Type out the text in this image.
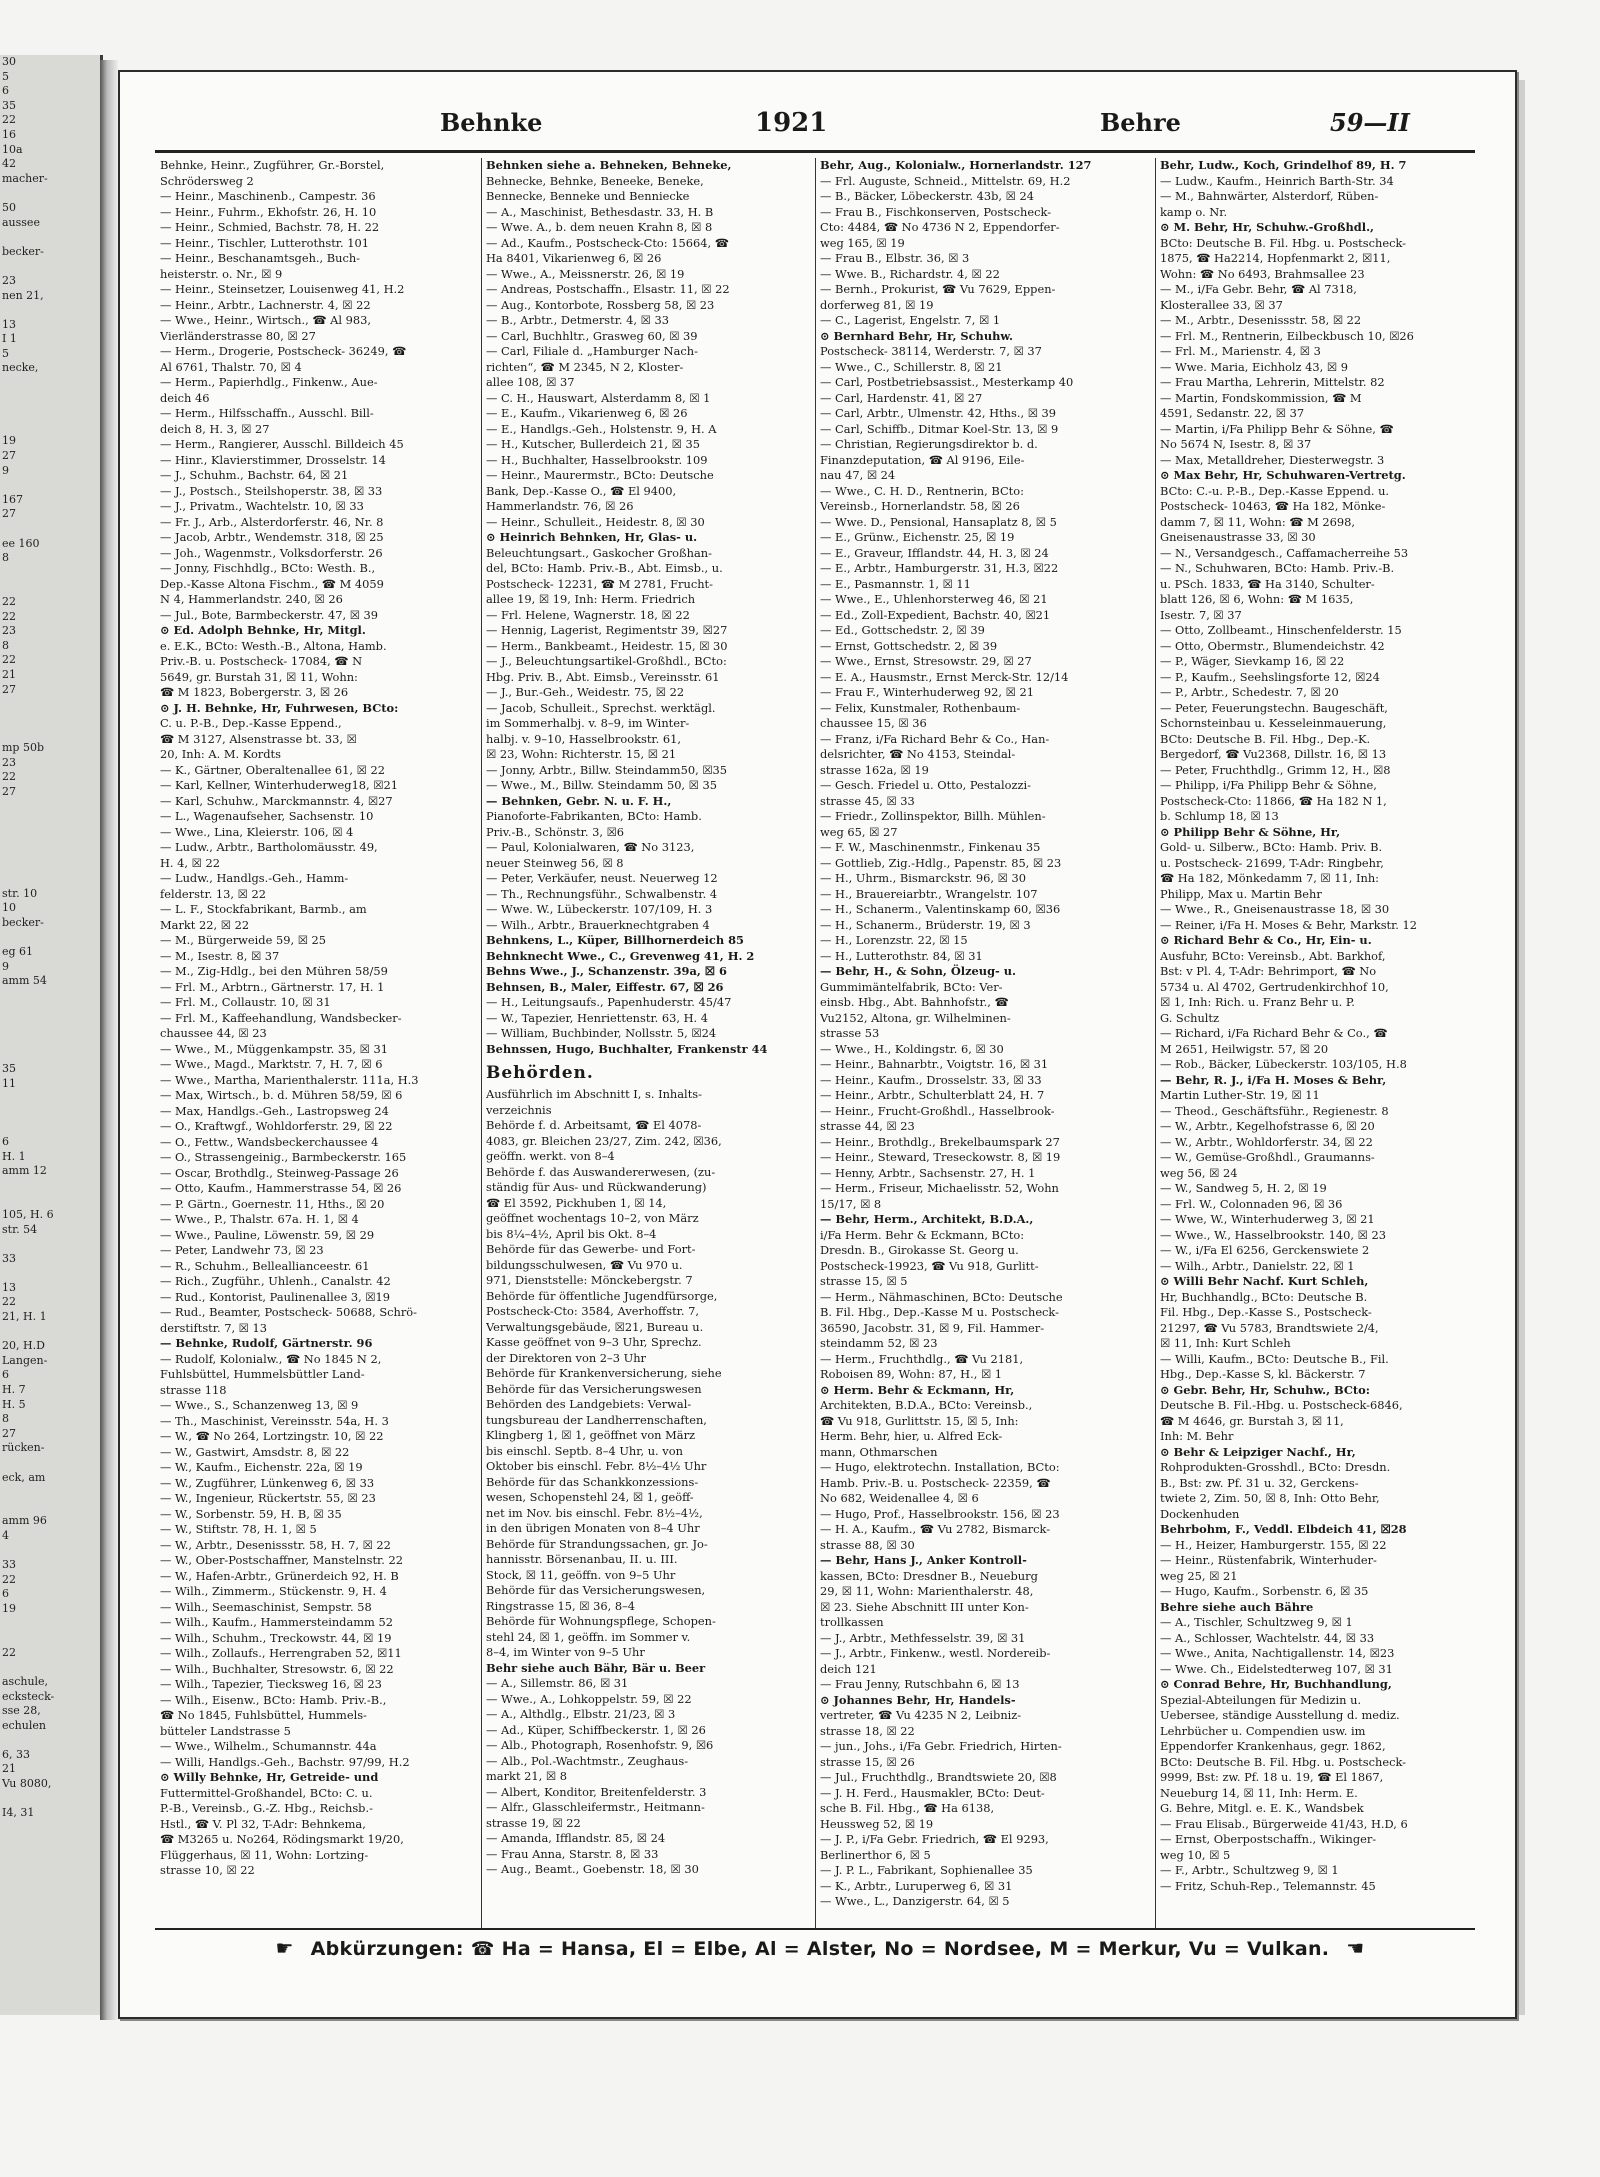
30
5
6
35
22
16
10a
42
macher-

50
aussee

becker-

23
nen 21,

13
I 1
5
necke,

19
27
9

167
27

ee 160
8

22
22
23
8
22
21
27

mp 50b
23
22
27

str. 10
10
becker-

eg 61
9
amm 54

35
11

6
H. 1
amm 12

105, H. 6
str. 54

33

13
22
21, H. 1

20, H.D
Langen-
6
H. 7
H. 5
8
27
rücken-

eck, am

amm 96
4

33
22
6
19

22

aschule,
ecksteck-
sse 28,
echulen

6, 33
21
Vu 8080,

I4, 31
Behnke	1921	Behre	59—II
Behnke, Heinr., Zugführer, Gr.-Borstel,
Schrödersweg 2
— Heinr., Maschinenb., Campestr. 36
— Heinr., Fuhrm., Ekhofstr. 26, H. 10
— Heinr., Schmied, Bachstr. 78, H. 22
— Heinr., Tischler, Lutterothstr. 101
— Heinr., Beschanamtsgeh., Buch-
heisterstr. o. Nr., ☒ 9
— Heinr., Steinsetzer, Louisenweg 41, H.2
— Heinr., Arbtr., Lachnerstr. 4, ☒ 22
— Wwe., Heinr., Wirtsch., ☎ Al 983,
Vierländerstrasse 80, ☒ 27
— Herm., Drogerie, Postscheck- 36249, ☎
Al 6761, Thalstr. 70, ☒ 4
— Herm., Papierhdlg., Finkenw., Aue-
deich 46
— Herm., Hilfsschaffn., Ausschl. Bill-
deich 8, H. 3, ☒ 27
— Herm., Rangierer, Ausschl. Billdeich 45
— Hinr., Klavierstimmer, Drosselstr. 14
— J., Schuhm., Bachstr. 64, ☒ 21
— J., Postsch., Steilshoperstr. 38, ☒ 33
— J., Privatm., Wachtelstr. 10, ☒ 33
— Fr. J., Arb., Alsterdorferstr. 46, Nr. 8
— Jacob, Arbtr., Wendemstr. 318, ☒ 25
— Joh., Wagenmstr., Volksdorferstr. 26
— Jonny, Fischhdlg., BCto: Westh. B.,
Dep.-Kasse Altona Fischm., ☎ M 4059
N 4, Hammerlandstr. 240, ☒ 26
— Jul., Bote, Barmbeckerstr. 47, ☒ 39
⊙ Ed. Adolph Behnke, Hr, Mitgl.
e. E.K., BCto: Westh.-B., Altona, Hamb.
Priv.-B. u. Postscheck- 17084, ☎ N
5649, gr. Burstah 31, ☒ 11, Wohn:
☎ M 1823, Bobergerstr. 3, ☒ 26
⊙ J. H. Behnke, Hr, Fuhrwesen, BCto:
C. u. P.-B., Dep.-Kasse Eppend.,
☎ M 3127, Alsenstrasse bt. 33, ☒
20, Inh: A. M. Kordts
— K., Gärtner, Oberaltenallee 61, ☒ 22
— Karl, Kellner, Winterhuderweg18, ☒21
— Karl, Schuhw., Marckmannstr. 4, ☒27
— L., Wagenaufseher, Sachsenstr. 10
— Wwe., Lina, Kleierstr. 106, ☒ 4
— Ludw., Arbtr., Bartholomäusstr. 49,
H. 4, ☒ 22
— Ludw., Handlgs.-Geh., Hamm-
felderstr. 13, ☒ 22
— L. F., Stockfabrikant, Barmb., am
Markt 22, ☒ 22
— M., Bürgerweide 59, ☒ 25
— M., Isestr. 8, ☒ 37
— M., Zig-Hdlg., bei den Mühren 58/59
— Frl. M., Arbtrn., Gärtnerstr. 17, H. 1
— Frl. M., Collaustr. 10, ☒ 31
— Frl. M., Kaffeehandlung, Wandsbecker-
chaussee 44, ☒ 23
— Wwe., M., Müggenkampstr. 35, ☒ 31
— Wwe., Magd., Marktstr. 7, H. 7, ☒ 6
— Wwe., Martha, Marienthalerstr. 111a, H.3
— Max, Wirtsch., b. d. Mühren 58/59, ☒ 6
— Max, Handlgs.-Geh., Lastropsweg 24
— O., Kraftwgf., Wohldorferstr. 29, ☒ 22
— O., Fettw., Wandsbeckerchaussee 4
— O., Strassengeinig., Barmbeckerstr. 165
— Oscar, Brothdlg., Steinweg-Passage 26
— Otto, Kaufm., Hammerstrasse 54, ☒ 26
— P. Gärtn., Goernestr. 11, Hths., ☒ 20
— Wwe., P., Thalstr. 67a. H. 1, ☒ 4
— Wwe., Pauline, Löwenstr. 59, ☒ 29
— Peter, Landwehr 73, ☒ 23
— R., Schuhm., Belleallianceestr. 61
— Rich., Zugführ., Uhlenh., Canalstr. 42
— Rud., Kontorist, Paulinenallee 3, ☒19
— Rud., Beamter, Postscheck- 50688, Schrö-
derstiftstr. 7, ☒ 13
— Behnke, Rudolf, Gärtnerstr. 96
— Rudolf, Kolonialw., ☎ No 1845 N 2,
Fuhlsbüttel, Hummelsbüttler Land-
strasse 118
— Wwe., S., Schanzenweg 13, ☒ 9
— Th., Maschinist, Vereinsstr. 54a, H. 3
— W., ☎ No 264, Lortzingstr. 10, ☒ 22
— W., Gastwirt, Amsdstr. 8, ☒ 22
— W., Kaufm., Eichenstr. 22a, ☒ 19
— W., Zugführer, Lünkenweg 6, ☒ 33
— W., Ingenieur, Rückertstr. 55, ☒ 23
— W., Sorbenstr. 59, H. B, ☒ 35
— W., Stiftstr. 78, H. 1, ☒ 5
— W., Arbtr., Desenissstr. 58, H. 7, ☒ 22
— W., Ober-Postschaffner, Manstelnstr. 22
— W., Hafen-Arbtr., Grünerdeich 92, H. B
— Wilh., Zimmerm., Stückenstr. 9, H. 4
— Wilh., Seemaschinist, Sempstr. 58
— Wilh., Kaufm., Hammersteindamm 52
— Wilh., Schuhm., Treckowstr. 44, ☒ 19
— Wilh., Zollaufs., Herrengraben 52, ☒11
— Wilh., Buchhalter, Stresowstr. 6, ☒ 22
— Wilh., Tapezier, Tiecksweg 16, ☒ 23
— Wilh., Eisenw., BCto: Hamb. Priv.-B.,
☎ No 1845, Fuhlsbüttel, Hummels-
bütteler Landstrasse 5
— Wwe., Wilhelm., Schumannstr. 44a
— Willi, Handlgs.-Geh., Bachstr. 97/99, H.2
⊙ Willy Behnke, Hr, Getreide- und
Futtermittel-Großhandel, BCto: C. u.
P.-B., Vereinsb., G.-Z. Hbg., Reichsb.-
Hstl., ☎ V. Pl 32, T-Adr: Behnkema,
☎ M3265 u. No264, Rödingsmarkt 19/20,
Flüggerhaus, ☒ 11, Wohn: Lortzing-
strasse 10, ☒ 22
Behnken siehe a. Behneken, Behneke,
Behnecke, Behnke, Beneeke, Beneke,
Bennecke, Benneke und Benniecke
— A., Maschinist, Bethesdastr. 33, H. B
— Wwe. A., b. dem neuen Krahn 8, ☒ 8
— Ad., Kaufm., Postscheck-Cto: 15664, ☎
Ha 8401, Vikarienweg 6, ☒ 26
— Wwe., A., Meissnerstr. 26, ☒ 19
— Andreas, Postschaffn., Elsastr. 11, ☒ 22
— Aug., Kontorbote, Rossberg 58, ☒ 23
— B., Arbtr., Detmerstr. 4, ☒ 33
— Carl, Buchhltr., Grasweg 60, ☒ 39
— Carl, Filiale d. „Hamburger Nach-
richten“, ☎ M 2345, N 2, Kloster-
allee 108, ☒ 37
— C. H., Hauswart, Alsterdamm 8, ☒ 1
— E., Kaufm., Vikarienweg 6, ☒ 26
— E., Handlgs.-Geh., Holstenstr. 9, H. A
— H., Kutscher, Bullerdeich 21, ☒ 35
— H., Buchhalter, Hasselbrookstr. 109
— Heinr., Maurermstr., BCto: Deutsche
Bank, Dep.-Kasse O., ☎ El 9400,
Hammerlandstr. 76, ☒ 26
— Heinr., Schulleit., Heidestr. 8, ☒ 30
⊙ Heinrich Behnken, Hr, Glas- u.
Beleuchtungsart., Gaskocher Großhan-
del, BCto: Hamb. Priv.-B., Abt. Eimsb., u.
Postscheck- 12231, ☎ M 2781, Frucht-
allee 19, ☒ 19, Inh: Herm. Friedrich
— Frl. Helene, Wagnerstr. 18, ☒ 22
— Hennig, Lagerist, Regimentstr 39, ☒27
— Herm., Bankbeamt., Heidestr. 15, ☒ 30
— J., Beleuchtungsartikel-Großhdl., BCto:
Hbg. Priv. B., Abt. Eimsb., Vereinsstr. 61
— J., Bur.-Geh., Weidestr. 75, ☒ 22
— Jacob, Schulleit., Sprechst. werktägl.
im Sommerhalbj. v. 8–9, im Winter-
halbj. v. 9–10, Hasselbrookstr. 61,
☒ 23, Wohn: Richterstr. 15, ☒ 21
— Jonny, Arbtr., Billw. Steindamm50, ☒35
— Wwe., M., Billw. Steindamm 50, ☒ 35
— Behnken, Gebr. N. u. F. H.,
Pianoforte-Fabrikanten, BCto: Hamb.
Priv.-B., Schönstr. 3, ☒6
— Paul, Kolonialwaren, ☎ No 3123,
neuer Steinweg 56, ☒ 8
— Peter, Verkäufer, neust. Neuerweg 12
— Th., Rechnungsführ., Schwalbenstr. 4
— Wwe. W., Lübeckerstr. 107/109, H. 3
— Wilh., Arbtr., Brauerknechtgraben 4
Behnkens, L., Küper, Billhornerdeich 85
Behnknecht Wwe., C., Grevenweg 41, H. 2
Behns Wwe., J., Schanzenstr. 39a, ☒ 6
Behnsen, B., Maler, Eiffestr. 67, ☒ 26
— H., Leitungsaufs., Papenhuderstr. 45/47
— W., Tapezier, Henriettenstr. 63, H. 4
— William, Buchbinder, Nollsstr. 5, ☒24
Behnssen, Hugo, Buchhalter, Frankenstr 44
Behörden.
Ausführlich im Abschnitt I, s. Inhalts-
verzeichnis
Behörde f. d. Arbeitsamt, ☎ El 4078-
4083, gr. Bleichen 23/27, Zim. 242, ☒36,
geöffn. werkt. von 8–4
Behörde f. das Auswandererwesen, (zu-
ständig für Aus- und Rückwanderung)
☎ El 3592, Pickhuben 1, ☒ 14,
geöffnet wochentags 10–2, von März
bis 8¼–4½, April bis Okt. 8–4
Behörde für das Gewerbe- und Fort-
bildungsschulwesen, ☎ Vu 970 u.
971, Dienststelle: Mönckebergstr. 7
Behörde für öffentliche Jugendfürsorge,
Postscheck-Cto: 3584, Averhoffstr. 7,
Verwaltungsgebäude, ☒21, Bureau u.
Kasse geöffnet von 9–3 Uhr, Sprechz.
der Direktoren von 2–3 Uhr
Behörde für Krankenversicherung, siehe
Behörde für das Versicherungswesen
Behörden des Landgebiets: Verwal-
tungsbureau der Landherrenschaften,
Klingberg 1, ☒ 1, geöffnet von März
bis einschl. Septb. 8–4 Uhr, u. von
Oktober bis einschl. Febr. 8½–4½ Uhr
Behörde für das Schankkonzessions-
wesen, Schopenstehl 24, ☒ 1, geöff-
net im Nov. bis einschl. Febr. 8½–4½,
in den übrigen Monaten von 8–4 Uhr
Behörde für Strandungssachen, gr. Jo-
hannisstr. Börsenanbau, II. u. III.
Stock, ☒ 11, geöffn. von 9–5 Uhr
Behörde für das Versicherungswesen,
Ringstrasse 15, ☒ 36, 8–4
Behörde für Wohnungspflege, Schopen-
stehl 24, ☒ 1, geöffn. im Sommer v.
8–4, im Winter von 9–5 Uhr
Behr siehe auch Bähr, Bär u. Beer
— A., Sillemstr. 86, ☒ 31
— Wwe., A., Lohkoppelstr. 59, ☒ 22
— A., Althdlg., Elbstr. 21/23, ☒ 3
— Ad., Küper, Schiffbeckerstr. 1, ☒ 26
— Alb., Photograph, Rosenhofstr. 9, ☒6
— Alb., Pol.-Wachtmstr., Zeughaus-
markt 21, ☒ 8
— Albert, Konditor, Breitenfelderstr. 3
— Alfr., Glasschleifermstr., Heitmann-
strasse 19, ☒ 22
— Amanda, Ifflandstr. 85, ☒ 24
— Frau Anna, Starstr. 8, ☒ 33
— Aug., Beamt., Goebenstr. 18, ☒ 30
Behr, Aug., Kolonialw., Hornerlandstr. 127
— Frl. Auguste, Schneid., Mittelstr. 69, H.2
— B., Bäcker, Löbeckerstr. 43b, ☒ 24
— Frau B., Fischkonserven, Postscheck-
Cto: 4484, ☎ No 4736 N 2, Eppendorfer-
weg 165, ☒ 19
— Frau B., Elbstr. 36, ☒ 3
— Wwe. B., Richardstr. 4, ☒ 22
— Bernh., Prokurist, ☎ Vu 7629, Eppen-
dorferweg 81, ☒ 19
— C., Lagerist, Engelstr. 7, ☒ 1
⊙ Bernhard Behr, Hr, Schuhw.
Postscheck- 38114, Werderstr. 7, ☒ 37
— Wwe., C., Schillerstr. 8, ☒ 21
— Carl, Postbetriebsassist., Mesterkamp 40
— Carl, Hardenstr. 41, ☒ 27
— Carl, Arbtr., Ulmenstr. 42, Hths., ☒ 39
— Carl, Schiffb., Ditmar Koel-Str. 13, ☒ 9
— Christian, Regierungsdirektor b. d.
Finanzdeputation, ☎ Al 9196, Eile-
nau 47, ☒ 24
— Wwe., C. H. D., Rentnerin, BCto:
Vereinsb., Hornerlandstr. 58, ☒ 26
— Wwe. D., Pensional, Hansaplatz 8, ☒ 5
— E., Grünw., Eichenstr. 25, ☒ 19
— E., Graveur, Ifflandstr. 44, H. 3, ☒ 24
— E., Arbtr., Hamburgerstr. 31, H.3, ☒22
— E., Pasmannstr. 1, ☒ 11
— Wwe., E., Uhlenhorsterweg 46, ☒ 21
— Ed., Zoll-Expedient, Bachstr. 40, ☒21
— Ed., Gottschedstr. 2, ☒ 39
— Ernst, Gottschedstr. 2, ☒ 39
— Wwe., Ernst, Stresowstr. 29, ☒ 27
— E. A., Hausmstr., Ernst Merck-Str. 12/14
— Frau F., Winterhuderweg 92, ☒ 21
— Felix, Kunstmaler, Rothenbaum-
chaussee 15, ☒ 36
— Franz, i/Fa Richard Behr & Co., Han-
delsrichter, ☎ No 4153, Steindal-
strasse 162a, ☒ 19
— Gesch. Friedel u. Otto, Pestalozzi-
strasse 45, ☒ 33
— Friedr., Zollinspektor, Billh. Mühlen-
weg 65, ☒ 27
— F. W., Maschinenmstr., Finkenau 35
— Gottlieb, Zig.-Hdlg., Papenstr. 85, ☒ 23
— H., Uhrm., Bismarckstr. 96, ☒ 30
— H., Brauereiarbtr., Wrangelstr. 107
— H., Schanerm., Valentinskamp 60, ☒36
— H., Schanerm., Brüderstr. 19, ☒ 3
— H., Lorenzstr. 22, ☒ 15
— H., Lutterothstr. 84, ☒ 31
— Behr, H., & Sohn, Ölzeug- u.
Gummimäntelfabrik, BCto: Ver-
einsb. Hbg., Abt. Bahnhofstr., ☎
Vu2152, Altona, gr. Wilhelminen-
strasse 53
— Wwe., H., Koldingstr. 6, ☒ 30
— Heinr., Bahnarbtr., Voigtstr. 16, ☒ 31
— Heinr., Kaufm., Drosselstr. 33, ☒ 33
— Heinr., Arbtr., Schulterblatt 24, H. 7
— Heinr., Frucht-Großhdl., Hasselbrook-
strasse 44, ☒ 23
— Heinr., Brothdlg., Brekelbaumspark 27
— Heinr., Steward, Treseckowstr. 8, ☒ 19
— Henny, Arbtr., Sachsenstr. 27, H. 1
— Herm., Friseur, Michaelisstr. 52, Wohn
15/17, ☒ 8
— Behr, Herm., Architekt, B.D.A.,
i/Fa Herm. Behr & Eckmann, BCto:
Dresdn. B., Girokasse St. Georg u.
Postscheck-19923, ☎ Vu 918, Gurlitt-
strasse 15, ☒ 5
— Herm., Nähmaschinen, BCto: Deutsche
B. Fil. Hbg., Dep.-Kasse M u. Postscheck-
36590, Jacobstr. 31, ☒ 9, Fil. Hammer-
steindamm 52, ☒ 23
— Herm., Fruchthdlg., ☎ Vu 2181,
Roboisen 89, Wohn: 87, H., ☒ 1
⊙ Herm. Behr & Eckmann, Hr,
Architekten, B.D.A., BCto: Vereinsb.,
☎ Vu 918, Gurlittstr. 15, ☒ 5, Inh:
Herm. Behr, hier, u. Alfred Eck-
mann, Othmarschen
— Hugo, elektrotechn. Installation, BCto:
Hamb. Priv.-B. u. Postscheck- 22359, ☎
No 682, Weidenallee 4, ☒ 6
— Hugo, Prof., Hasselbrookstr. 156, ☒ 23
— H. A., Kaufm., ☎ Vu 2782, Bismarck-
strasse 88, ☒ 30
— Behr, Hans J., Anker Kontroll-
kassen, BCto: Dresdner B., Neueburg
29, ☒ 11, Wohn: Marienthalerstr. 48,
☒ 23. Siehe Abschnitt III unter Kon-
trollkassen
— J., Arbtr., Methfesselstr. 39, ☒ 31
— J., Arbtr., Finkenw., westl. Nordereib-
deich 121
— Frau Jenny, Rutschbahn 6, ☒ 13
⊙ Johannes Behr, Hr, Handels-
vertreter, ☎ Vu 4235 N 2, Leibniz-
strasse 18, ☒ 22
— jun., Johs., i/Fa Gebr. Friedrich, Hirten-
strasse 15, ☒ 26
— Jul., Fruchthdlg., Brandtswiete 20, ☒8
— J. H. Ferd., Hausmakler, BCto: Deut-
sche B. Fil. Hbg., ☎ Ha 6138,
Heussweg 52, ☒ 19
— J. P., i/Fa Gebr. Friedrich, ☎ El 9293,
Berlinerthor 6, ☒ 5
— J. P. L., Fabrikant, Sophienallee 35
— K., Arbtr., Luruperweg 6, ☒ 31
— Wwe., L., Danzigerstr. 64, ☒ 5
Behr, Ludw., Koch, Grindelhof 89, H. 7
— Ludw., Kaufm., Heinrich Barth-Str. 34
— M., Bahnwärter, Alsterdorf, Rüben-
kamp o. Nr.
⊙ M. Behr, Hr, Schuhw.-Großhdl.,
BCto: Deutsche B. Fil. Hbg. u. Postscheck-
1875, ☎ Ha2214, Hopfenmarkt 2, ☒11,
Wohn: ☎ No 6493, Brahmsallee 23
— M., i/Fa Gebr. Behr, ☎ Al 7318,
Klosterallee 33, ☒ 37
— M., Arbtr., Desenissstr. 58, ☒ 22
— Frl. M., Rentnerin, Eilbeckbusch 10, ☒26
— Frl. M., Marienstr. 4, ☒ 3
— Wwe. Maria, Eichholz 43, ☒ 9
— Frau Martha, Lehrerin, Mittelstr. 82
— Martin, Fondskommission, ☎ M
4591, Sedanstr. 22, ☒ 37
— Martin, i/Fa Philipp Behr & Söhne, ☎
No 5674 N, Isestr. 8, ☒ 37
— Max, Metalldreher, Diesterwegstr. 3
⊙ Max Behr, Hr, Schuhwaren-Vertretg.
BCto: C.-u. P.-B., Dep.-Kasse Eppend. u.
Postscheck- 10463, ☎ Ha 182, Mönke-
damm 7, ☒ 11, Wohn: ☎ M 2698,
Gneisenaustrasse 33, ☒ 30
— N., Versandgesch., Caffamacherreihe 53
— N., Schuhwaren, BCto: Hamb. Priv.-B.
u. PSch. 1833, ☎ Ha 3140, Schulter-
blatt 126, ☒ 6, Wohn: ☎ M 1635,
Isestr. 7, ☒ 37
— Otto, Zollbeamt., Hinschenfelderstr. 15
— Otto, Obermstr., Blumendeichstr. 42
— P., Wäger, Sievkamp 16, ☒ 22
— P., Kaufm., Seehslingsforte 12, ☒24
— P., Arbtr., Schedestr. 7, ☒ 20
— Peter, Feuerungstechn. Baugeschäft,
Schornsteinbau u. Kesseleinmauerung,
BCto: Deutsche B. Fil. Hbg., Dep.-K.
Bergedorf, ☎ Vu2368, Dillstr. 16, ☒ 13
— Peter, Fruchthdlg., Grimm 12, H., ☒8
— Philipp, i/Fa Philipp Behr & Söhne,
Postscheck-Cto: 11866, ☎ Ha 182 N 1,
b. Schlump 18, ☒ 13
⊙ Philipp Behr & Söhne, Hr,
Gold- u. Silberw., BCto: Hamb. Priv. B.
u. Postscheck- 21699, T-Adr: Ringbehr,
☎ Ha 182, Mönkedamm 7, ☒ 11, Inh:
Philipp, Max u. Martin Behr
— Wwe., R., Gneisenaustrasse 18, ☒ 30
— Reiner, i/Fa H. Moses & Behr, Markstr. 12
⊙ Richard Behr & Co., Hr, Ein- u.
Ausfuhr, BCto: Vereinsb., Abt. Barkhof,
Bst: v Pl. 4, T-Adr: Behrimport, ☎ No
5734 u. Al 4702, Gertrudenkirchhof 10,
☒ 1, Inh: Rich. u. Franz Behr u. P.
G. Schultz
— Richard, i/Fa Richard Behr & Co., ☎
M 2651, Heilwigstr. 57, ☒ 20
— Rob., Bäcker, Lübeckerstr. 103/105, H.8
— Behr, R. J., i/Fa H. Moses & Behr,
Martin Luther-Str. 19, ☒ 11
— Theod., Geschäftsführ., Regienestr. 8
— W., Arbtr., Kegelhofstrasse 6, ☒ 20
— W., Arbtr., Wohldorferstr. 34, ☒ 22
— W., Gemüse-Großhdl., Graumanns-
weg 56, ☒ 24
— W., Sandweg 5, H. 2, ☒ 19
— Frl. W., Colonnaden 96, ☒ 36
— Wwe, W., Winterhuderweg 3, ☒ 21
— Wwe., W., Hasselbrookstr. 140, ☒ 23
— W., i/Fa El 6256, Gerckenswiete 2
— Wilh., Arbtr., Danielstr. 22, ☒ 1
⊙ Willi Behr Nachf. Kurt Schleh,
Hr, Buchhandlg., BCto: Deutsche B.
Fil. Hbg., Dep.-Kasse S., Postscheck-
21297, ☎ Vu 5783, Brandtswiete 2/4,
☒ 11, Inh: Kurt Schleh
— Willi, Kaufm., BCto: Deutsche B., Fil.
Hbg., Dep.-Kasse S, kl. Bäckerstr. 7
⊙ Gebr. Behr, Hr, Schuhw., BCto:
Deutsche B. Fil.-Hbg. u. Postscheck-6846,
☎ M 4646, gr. Burstah 3, ☒ 11,
Inh: M. Behr
⊙ Behr & Leipziger Nachf., Hr,
Rohprodukten-Grosshdl., BCto: Dresdn.
B., Bst: zw. Pf. 31 u. 32, Gerckens-
twiete 2, Zim. 50, ☒ 8, Inh: Otto Behr,
Dockenhuden
Behrbohm, F., Veddl. Elbdeich 41, ☒28
— H., Heizer, Hamburgerstr. 155, ☒ 22
— Heinr., Rüstenfabrik, Winterhuder-
weg 25, ☒ 21
— Hugo, Kaufm., Sorbenstr. 6, ☒ 35
Behre siehe auch Bähre
— A., Tischler, Schultzweg 9, ☒ 1
— A., Schlosser, Wachtelstr. 44, ☒ 33
— Wwe., Anita, Nachtigallenstr. 14, ☒23
— Wwe. Ch., Eidelstedterweg 107, ☒ 31
⊙ Conrad Behre, Hr, Buchhandlung,
Spezial-Abteilungen für Medizin u.
Uebersee, ständige Ausstellung d. mediz.
Lehrbücher u. Compendien usw. im
Eppendorfer Krankenhaus, gegr. 1862,
BCto: Deutsche B. Fil. Hbg. u. Postscheck-
9999, Bst: zw. Pf. 18 u. 19, ☎ El 1867,
Neueburg 14, ☒ 11, Inh: Herm. E.
G. Behre, Mitgl. e. E. K., Wandsbek
— Frau Elisab., Bürgerweide 41/43, H.D, 6
— Ernst, Oberpostschaffn., Wikinger-
weg 10, ☒ 5
— F., Arbtr., Schultzweg 9, ☒ 1
— Fritz, Schuh-Rep., Telemannstr. 45
☛ Abkürzungen: ☎ Ha = Hansa, El = Elbe, Al = Alster, No = Nordsee, M = Merkur, Vu = Vulkan. ☚
